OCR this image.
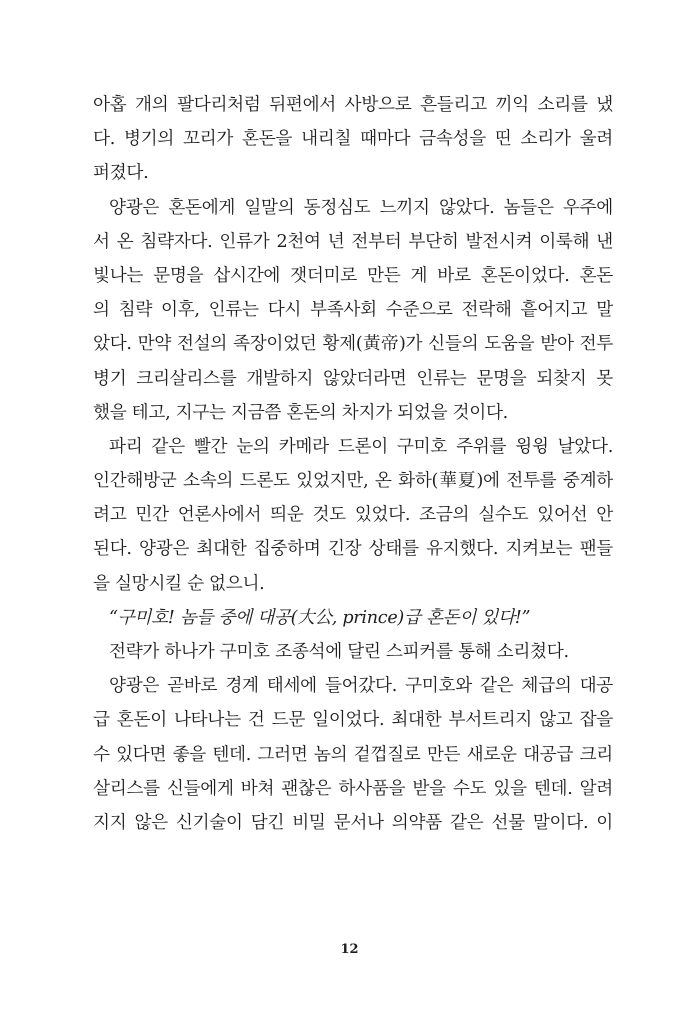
아홉 개의 팔다리처럼 뒤편에서 사방으로 흔들리고 끼익 소리를 냈
다. 병기의 꼬리가 혼돈을 내리칠 때마다 금속성을 띤 소리가 울려
퍼졌다.
양광은 혼돈에게 일말의 동정심도 느끼지 않았다. 놈들은 우주에
서 온 침략자다. 인류가 2천여 년 전부터 부단히 발전시켜 이룩해 낸
빛나는 문명을 삽시간에 잿더미로 만든 게 바로 혼돈이었다. 혼돈
의 침략 이후, 인류는 다시 부족사회 수준으로 전락해 흩어지고 말
았다. 만약 전설의 족장이었던 황제(黃帝)가 신들의 도움을 받아 전투
병기 크리살리스를 개발하지 않았더라면 인류는 문명을 되찾지 못
했을 테고, 지구는 지금쯤 혼돈의 차지가 되었을 것이다.
파리 같은 빨간 눈의 카메라 드론이 구미호 주위를 윙윙 날았다.
인간해방군 소속의 드론도 있었지만, 온 화하(華夏)에 전투를 중계하
려고 민간 언론사에서 띄운 것도 있었다. 조금의 실수도 있어선 안
된다. 양광은 최대한 집중하며 긴장 상태를 유지했다. 지켜보는 팬들
을 실망시킬 순 없으니.
“구미호! 놈들 중에 대공(大公, prince)급 혼돈이 있다!”
전략가 하나가 구미호 조종석에 달린 스피커를 통해 소리쳤다.
양광은 곧바로 경계 태세에 들어갔다. 구미호와 같은 체급의 대공
급 혼돈이 나타나는 건 드문 일이었다. 최대한 부서트리지 않고 잡을
수 있다면 좋을 텐데. 그러면 놈의 겉껍질로 만든 새로운 대공급 크리
살리스를 신들에게 바쳐 괜찮은 하사품을 받을 수도 있을 텐데. 알려
지지 않은 신기술이 담긴 비밀 문서나 의약품 같은 선물 말이다. 이
12
